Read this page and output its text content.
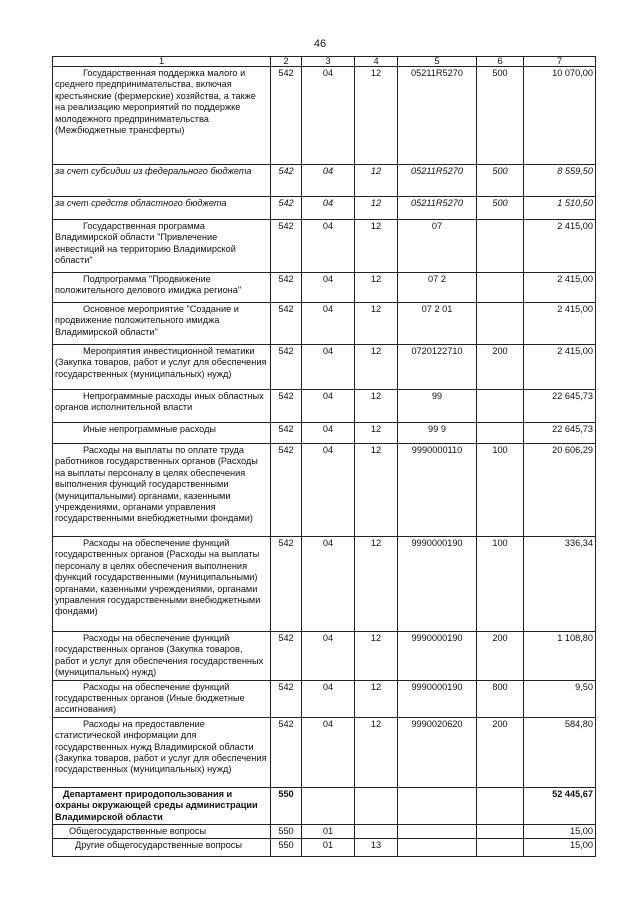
46
1	2	3	4	5	6	7
Государственная поддержка малого и среднего предпринимательства, включая крестьянские (фермерские) хозяйства, а также на реализацию мероприятий по поддержке молодежного предпринимательства (Межбюджетные трансферты)	542	04	12	05211R5270	500	10 070,00
за счет субсидии из федерального бюджета	542	04	12	05211R5270	500	8 559,50
за счет средств областного бюджета	542	04	12	05211R5270	500	1 510,50
Государственная программа Владимирской области "Привлечение инвестиций на территорию Владимирской области"	542	04	12	07		2 415,00
Подпрограмма "Продвижение положительного делового имиджа региона"	542	04	12	07 2		2 415,00
Основное мероприятие "Создание и продвижение положительного имиджа Владимирской области"	542	04	12	07 2 01		2 415,00
Мероприятия инвестиционной тематики (Закупка товаров, работ и услуг для обеспечения государственных (муниципальных) нужд)	542	04	12	0720122710	200	2 415,00
Непрограммные расходы иных областных органов исполнительной власти	542	04	12	99		22 645,73
Иные непрограммные расходы	542	04	12	99 9		22 645,73
Расходы на выплаты по оплате труда работников государственных органов (Расходы на выплаты персоналу в целях обеспечения выполнения функций государственными (муниципальными) органами, казенными учреждениями, органами управления государственными внебюджетными фондами)	542	04	12	9990000110	100	20 606,29
Расходы на обеспечение функций государственных органов (Расходы на выплаты персоналу в целях обеспечения выполнения функций государственными (муниципальными) органами, казенными учреждениями, органами управления государственными внебюджетными фондами)	542	04	12	9990000190	100	336,34
Расходы на обеспечение функций государственных органов (Закупка товаров, работ и услуг для обеспечения государственных (муниципальных) нужд)	542	04	12	9990000190	200	1 108,80
Расходы на обеспечение функций государственных органов (Иные бюджетные ассигнования)	542	04	12	9990000190	800	9,50
Расходы на предоставление статистической информации для государственных нужд Владимирской области (Закупка товаров, работ и услуг для обеспечения государственных (муниципальных) нужд)	542	04	12	9990020620	200	584,80
Департамент природопользования и охраны окружающей среды администрации Владимирской области	550					52 445,67
Общегосударственные вопросы	550	01				15,00
Другие общегосударственные вопросы	550	01	13			15,00
